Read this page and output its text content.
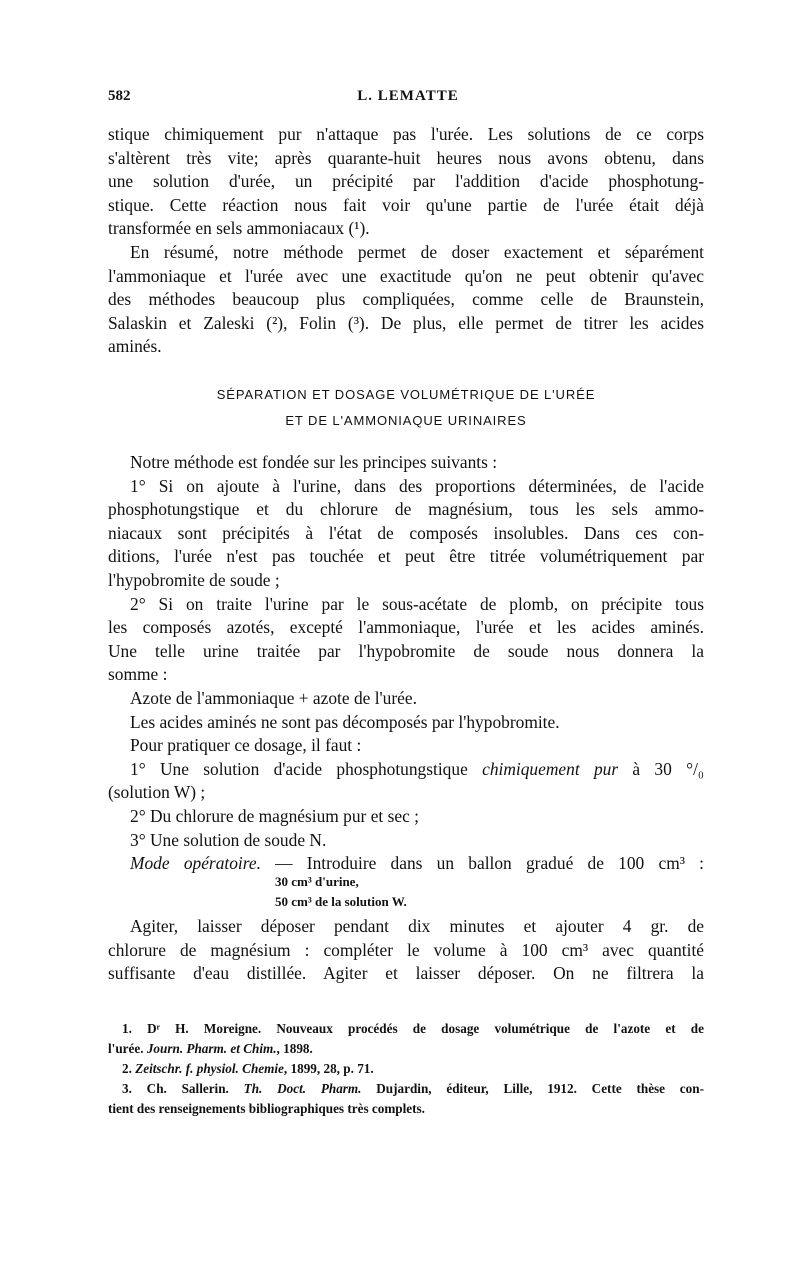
582	L. LEMATTE
stique chimiquement pur n'attaque pas l'urée. Les solutions de ce corps
s'altèrent très vite; après quarante-huit heures nous avons obtenu, dans
une solution d'urée, un précipité par l'addition d'acide phosphotung-
stique. Cette réaction nous fait voir qu'une partie de l'urée était déjà
transformée en sels ammoniacaux (¹).
En résumé, notre méthode permet de doser exactement et séparément
l'ammoniaque et l'urée avec une exactitude qu'on ne peut obtenir qu'avec
des méthodes beaucoup plus compliquées, comme celle de Braunstein,
Salaskin et Zaleski (²), Folin (³). De plus, elle permet de titrer les acides
aminés.
SÉPARATION ET DOSAGE VOLUMÉTRIQUE DE L'URÉE
ET DE L'AMMONIAQUE URINAIRES
Notre méthode est fondée sur les principes suivants :
1° Si on ajoute à l'urine, dans des proportions déterminées, de l'acide
phosphotungstique et du chlorure de magnésium, tous les sels ammo-
niacaux sont précipités à l'état de composés insolubles. Dans ces con-
ditions, l'urée n'est pas touchée et peut être titrée volumétriquement par
l'hypobromite de soude ;
2° Si on traite l'urine par le sous-acétate de plomb, on précipite tous
les composés azotés, excepté l'ammoniaque, l'urée et les acides aminés.
Une telle urine traitée par l'hypobromite de soude nous donnera la
somme :
Azote de l'ammoniaque + azote de l'urée.
Les acides aminés ne sont pas décomposés par l'hypobromite.
Pour pratiquer ce dosage, il faut :
1° Une solution d'acide phosphotungstique chimiquement pur à 30 °/₀
(solution W) ;
2° Du chlorure de magnésium pur et sec ;
3° Une solution de soude N.
Mode opératoire. — Introduire dans un ballon gradué de 100 cm³ :
30 cm³ d'urine,
50 cm³ de la solution W.
Agiter, laisser déposer pendant dix minutes et ajouter 4 gr. de
chlorure de magnésium : compléter le volume à 100 cm³ avec quantité
suffisante d'eau distillée. Agiter et laisser déposer. On ne filtrera la
1. Dʳ H. Moreigne. Nouveaux procédés de dosage volumétrique de l'azote et de
l'urée. Journ. Pharm. et Chim., 1898.
2. Zeitschr. f. physiol. Chemie, 1899, 28, p. 71.
3. Ch. Sallerin. Th. Doct. Pharm. Dujardin, éditeur, Lille, 1912. Cette thèse con-
tient des renseignements bibliographiques très complets.
